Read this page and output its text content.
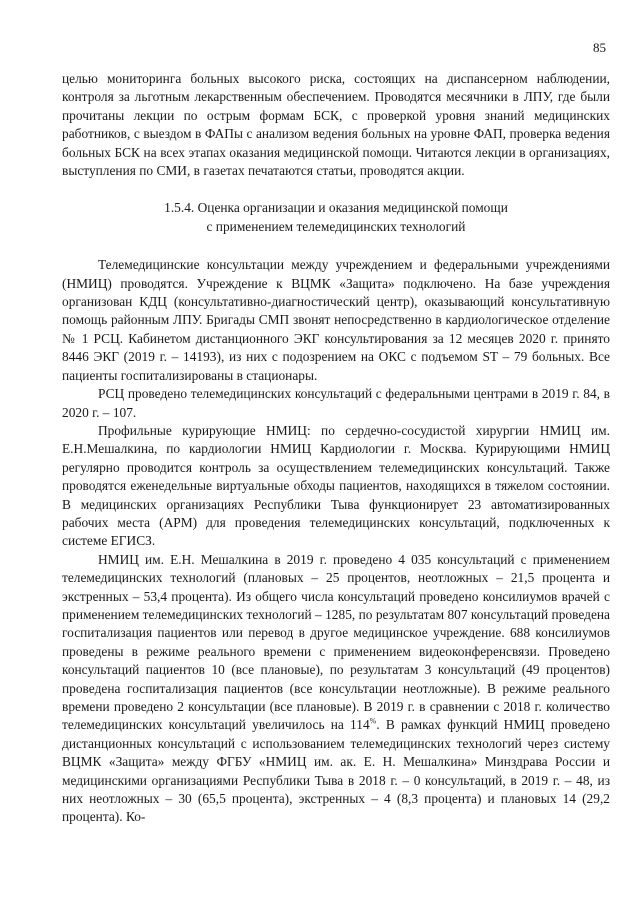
85

целью мониторинга больных высокого риска, состоящих на диспансерном наблюдении, контроля за льготным лекарственным обеспечением. Проводятся месячники в ЛПУ, где были прочитаны лекции по острым формам БСК, с проверкой уровня знаний медицинских работников, с выездом в ФАПы с анализом ведения больных на уровне ФАП, проверка ведения больных БСК на всех этапах оказания медицинской помощи. Читаются лекции в организациях, выступления по СМИ, в газетах печатаются статьи, проводятся акции.

1.5.4. Оценка организации и оказания медицинской помощи
с применением телемедицинских технологий

Телемедицинские консультации между учреждением и федеральными учреждениями (НМИЦ) проводятся. Учреждение к ВЦМК «Защита» подключено. На базе учреждения организован КДЦ (консультативно-диагностический центр), оказывающий консультативную помощь районным ЛПУ. Бригады СМП звонят непосредственно в кардиологическое отделение № 1 РСЦ. Кабинетом дистанционного ЭКГ консультирования за 12 месяцев 2020 г. принято 8446 ЭКГ (2019 г. – 14193), из них с подозрением на ОКС с подъемом ST – 79 больных. Все пациенты госпитализированы в стационары.

РСЦ проведено телемедицинских консультаций с федеральными центрами в 2019 г. 84, в 2020 г. – 107.

Профильные курирующие НМИЦ: по сердечно-сосудистой хирургии НМИЦ им. Е.Н.Мешалкина, по кардиологии НМИЦ Кардиологии г. Москва. Курирующими НМИЦ регулярно проводится контроль за осуществлением телемедицинских консультаций. Также проводятся еженедельные виртуальные обходы пациентов, находящихся в тяжелом состоянии. В медицинских организациях Республики Тыва функционирует 23 автоматизированных рабочих места (АРМ) для проведения телемедицинских консультаций, подключенных к системе ЕГИСЗ.

НМИЦ им. Е.Н. Мешалкина в 2019 г. проведено 4 035 консультаций с применением телемедицинских технологий (плановых – 25 процентов, неотложных – 21,5 процента и экстренных – 53,4 процента). Из общего числа консультаций проведено консилиумов врачей с применением телемедицинских технологий – 1285, по результатам 807 консультаций проведена госпитализация пациентов или перевод в другое медицинское учреждение. 688 консилиумов проведены в режиме реального времени с применением видеоконференсвязи. Проведено консультаций пациентов 10 (все плановые), по результатам 3 консультаций (49 процентов) проведена госпитализация пациентов (все консультации неотложные). В режиме реального времени проведено 2 консультации (все плановые). В 2019 г. в сравнении с 2018 г. количество телемедицинских консультаций увеличилось на 114%. В рамках функций НМИЦ проведено дистанционных консультаций с использованием телемедицинских технологий через систему ВЦМК «Защита» между ФГБУ «НМИЦ им. ак. Е. Н. Мешалкина» Минздрава России и медицинскими организациями Республики Тыва в 2018 г. – 0 консультаций, в 2019 г. – 48, из них неотложных – 30 (65,5 процента), экстренных – 4 (8,3 процента) и плановых 14 (29,2 процента). Ко-
